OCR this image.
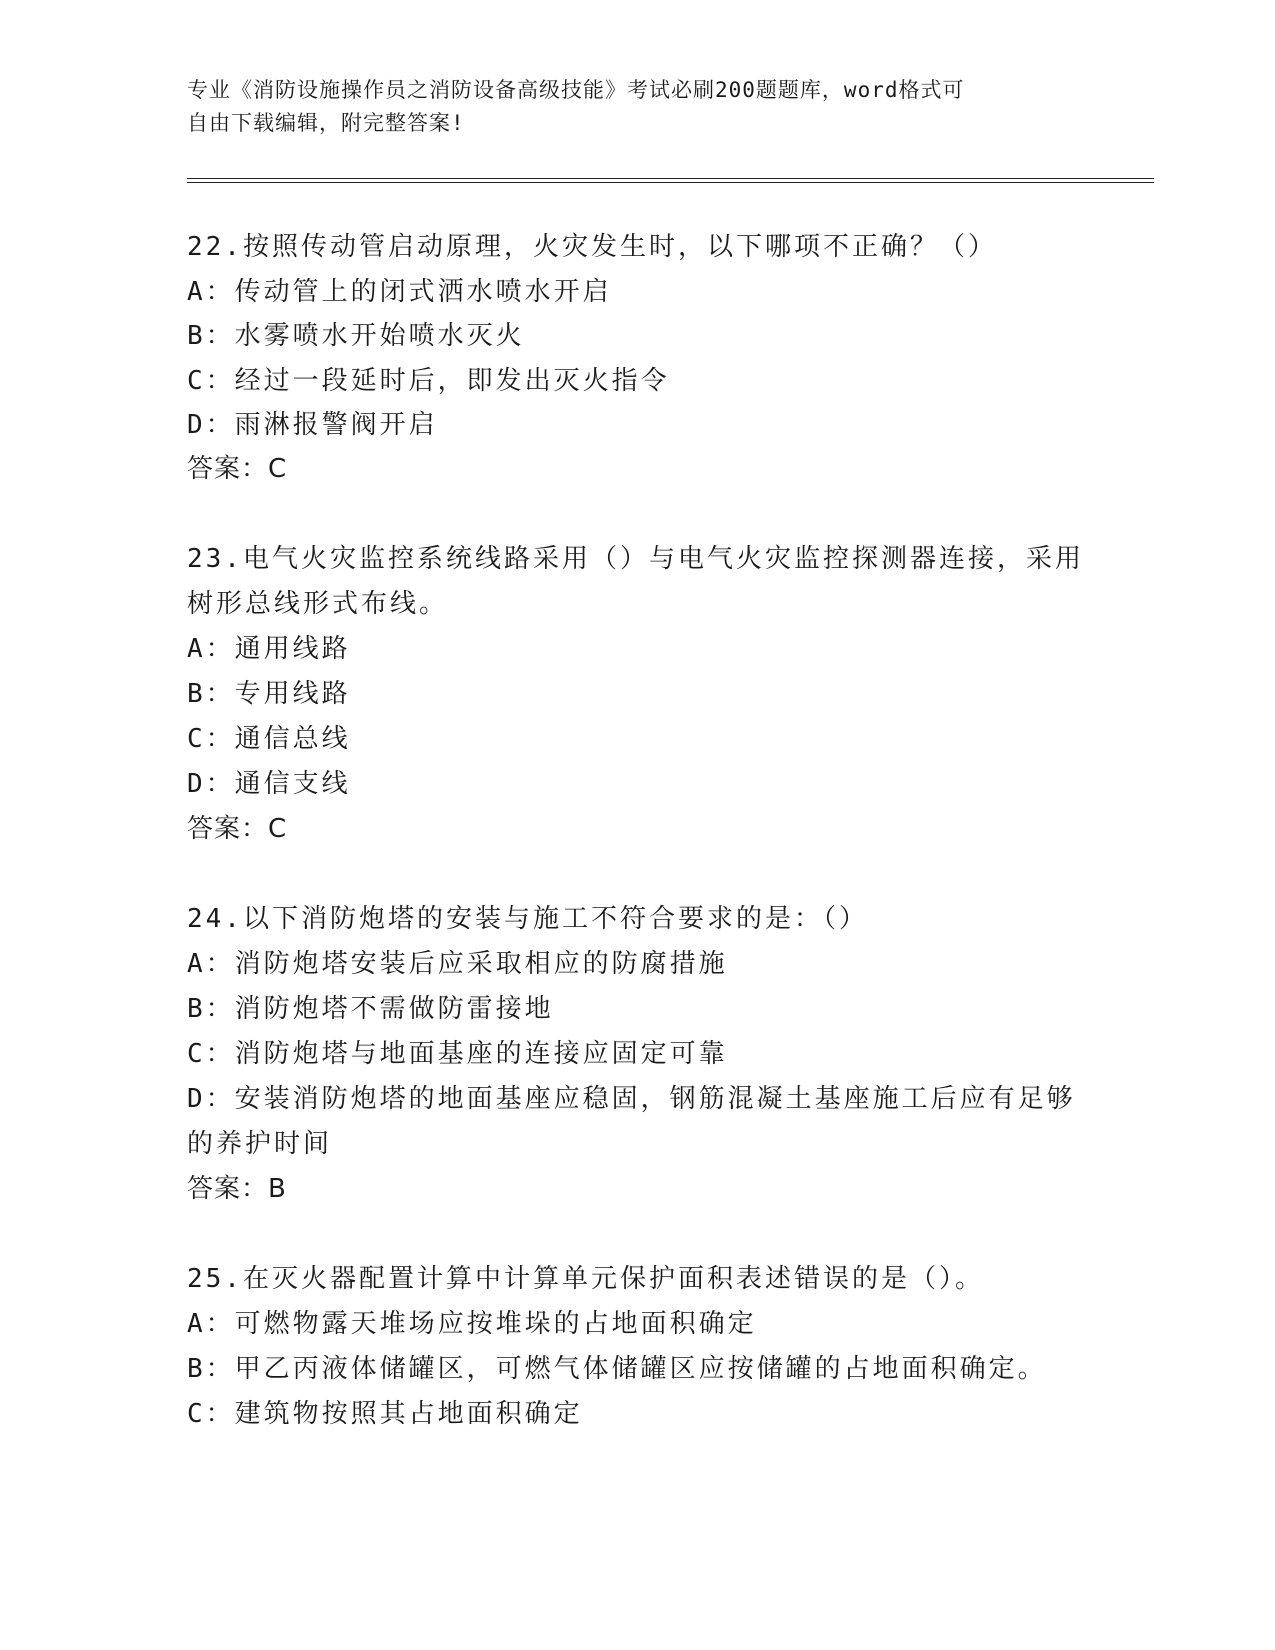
专业《消防设施操作员之消防设备高级技能》考试必刷200题题库，word格式可
自由下载编辑，附完整答案!
22.按照传动管启动原理，火灾发生时，以下哪项不正确？（）
A：传动管上的闭式洒水喷水开启
B：水雾喷水开始喷水灭火
C：经过一段延时后，即发出灭火指令
D：雨淋报警阀开启
答案：C
23.电气火灾监控系统线路采用（）与电气火灾监控探测器连接，采用
树形总线形式布线。
A：通用线路
B：专用线路
C：通信总线
D：通信支线
答案：C
24.以下消防炮塔的安装与施工不符合要求的是：（）
A：消防炮塔安装后应采取相应的防腐措施
B：消防炮塔不需做防雷接地
C：消防炮塔与地面基座的连接应固定可靠
D：安装消防炮塔的地面基座应稳固，钢筋混凝土基座施工后应有足够
的养护时间
答案：B
25.在灭火器配置计算中计算单元保护面积表述错误的是（）。
A：可燃物露天堆场应按堆垛的占地面积确定
B：甲乙丙液体储罐区，可燃气体储罐区应按储罐的占地面积确定。
C：建筑物按照其占地面积确定
